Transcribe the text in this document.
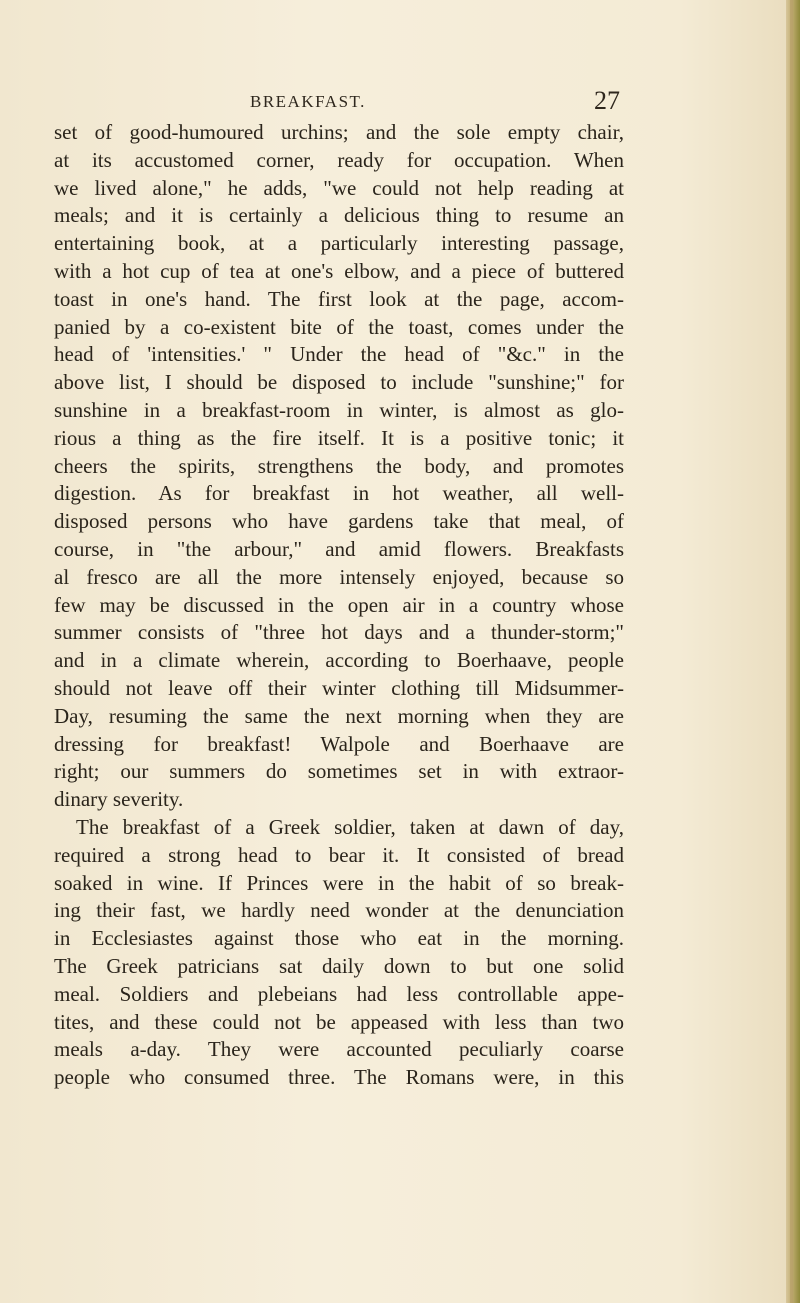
BREAKFAST.	27
set of good-humoured urchins; and the sole empty chair,
at its accustomed corner, ready for occupation. When
we lived alone," he adds, "we could not help reading at
meals; and it is certainly a delicious thing to resume an
entertaining book, at a particularly interesting passage,
with a hot cup of tea at one's elbow, and a piece of buttered
toast in one's hand. The first look at the page, accom-
panied by a co-existent bite of the toast, comes under the
head of 'intensities.' " Under the head of "&c." in the
above list, I should be disposed to include "sunshine;" for
sunshine in a breakfast-room in winter, is almost as glo-
rious a thing as the fire itself. It is a positive tonic; it
cheers the spirits, strengthens the body, and promotes
digestion. As for breakfast in hot weather, all well-
disposed persons who have gardens take that meal, of
course, in "the arbour," and amid flowers. Breakfasts
al fresco are all the more intensely enjoyed, because so
few may be discussed in the open air in a country whose
summer consists of "three hot days and a thunder-storm;"
and in a climate wherein, according to Boerhaave, people
should not leave off their winter clothing till Midsummer-
Day, resuming the same the next morning when they are
dressing for breakfast! Walpole and Boerhaave are
right; our summers do sometimes set in with extraor-
dinary severity.
The breakfast of a Greek soldier, taken at dawn of day,
required a strong head to bear it. It consisted of bread
soaked in wine. If Princes were in the habit of so break-
ing their fast, we hardly need wonder at the denunciation
in Ecclesiastes against those who eat in the morning.
The Greek patricians sat daily down to but one solid
meal. Soldiers and plebeians had less controllable appe-
tites, and these could not be appeased with less than two
meals a-day. They were accounted peculiarly coarse
people who consumed three. The Romans were, in this
